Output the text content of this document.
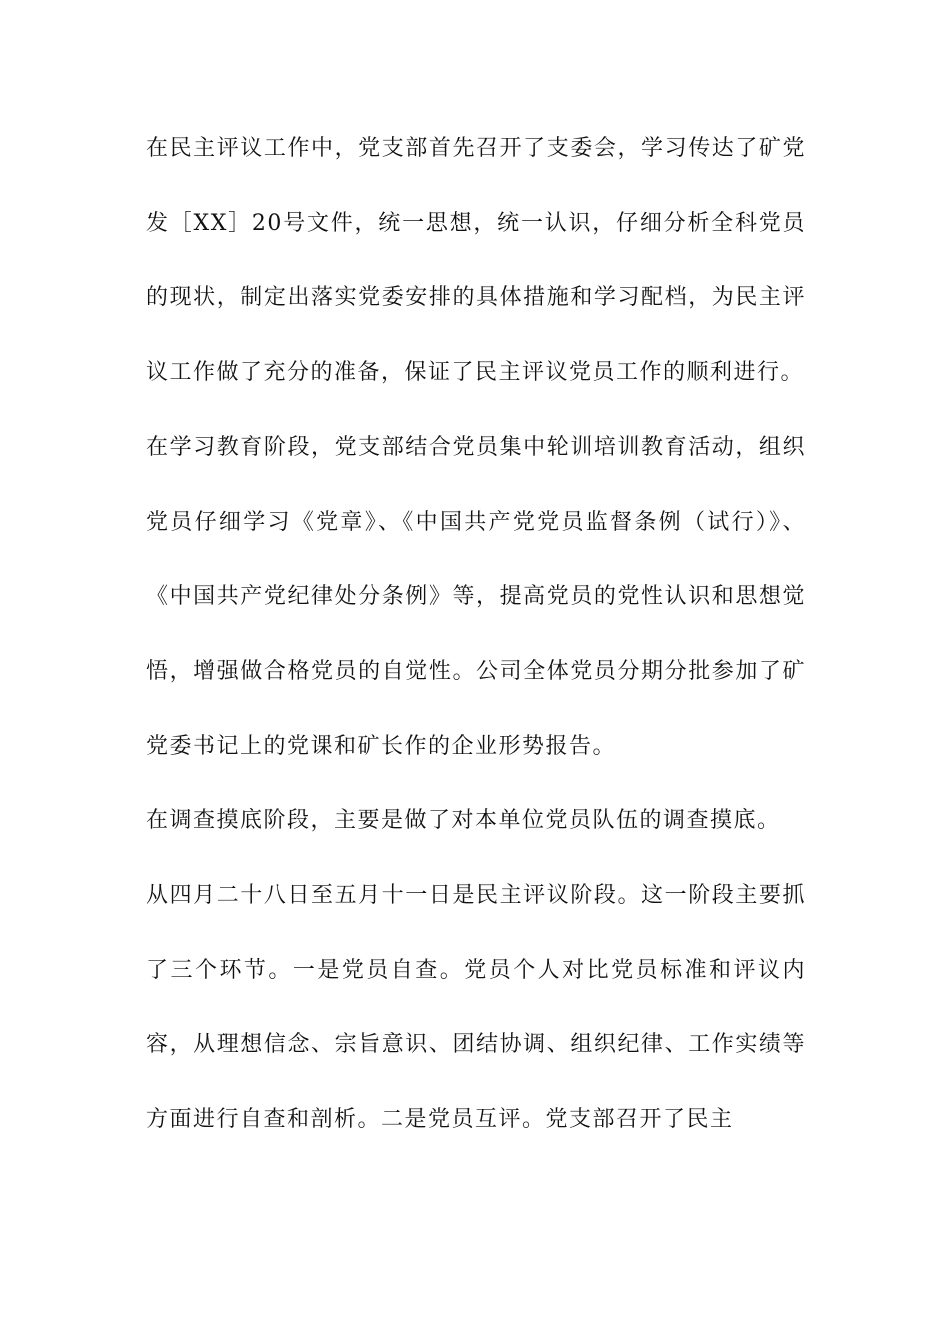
在民主评议工作中，党支部首先召开了支委会，学习传达了矿党发［XX］20号文件，统一思想，统一认识，仔细分析全科党员的现状，制定出落实党委安排的具体措施和学习配档，为民主评议工作做了充分的准备，保证了民主评议党员工作的顺利进行。

在学习教育阶段，党支部结合党员集中轮训培训教育活动，组织党员仔细学习《党章》、《中国共产党党员监督条例（试行）》、《中国共产党纪律处分条例》等，提高党员的党性认识和思想觉悟，增强做合格党员的自觉性。公司全体党员分期分批参加了矿党委书记上的党课和矿长作的企业形势报告。

在调查摸底阶段，主要是做了对本单位党员队伍的调查摸底。

从四月二十八日至五月十一日是民主评议阶段。这一阶段主要抓了三个环节。一是党员自查。党员个人对比党员标准和评议内容，从理想信念、宗旨意识、团结协调、组织纪律、工作实绩等方面进行自查和剖析。二是党员互评。党支部召开了民主
